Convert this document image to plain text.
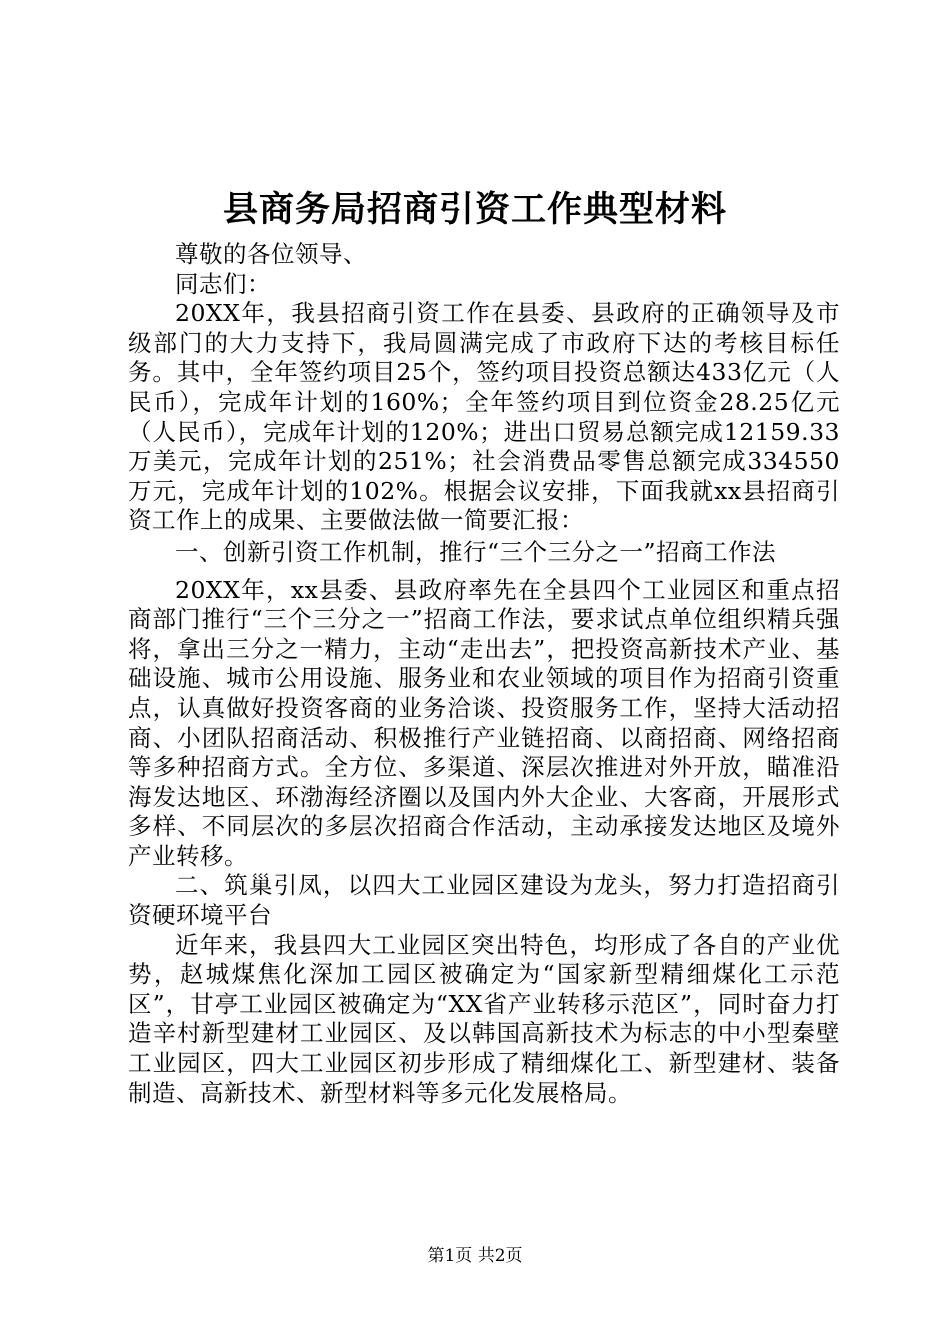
县商务局招商引资工作典型材料

尊敬的各位领导、

同志们：

20XX年，我县招商引资工作在县委、县政府的正确领导及市级部门的大力支持下，我局圆满完成了市政府下达的考核目标任务。其中，全年签约项目25个，签约项目投资总额达433亿元（人民币），完成年计划的160%；全年签约项目到位资金28.25亿元（人民币），完成年计划的120%；进出口贸易总额完成12159.33万美元，完成年计划的251%；社会消费品零售总额完成334550万元，完成年计划的102%。根据会议安排，下面我就xx县招商引资工作上的成果、主要做法做一简要汇报：

一、创新引资工作机制，推行“三个三分之一”招商工作法

20XX年，xx县委、县政府率先在全县四个工业园区和重点招商部门推行“三个三分之一”招商工作法，要求试点单位组织精兵强将，拿出三分之一精力，主动“走出去”，把投资高新技术产业、基础设施、城市公用设施、服务业和农业领域的项目作为招商引资重点，认真做好投资客商的业务洽谈、投资服务工作，坚持大活动招商、小团队招商活动、积极推行产业链招商、以商招商、网络招商等多种招商方式。全方位、多渠道、深层次推进对外开放，瞄准沿海发达地区、环渤海经济圈以及国内外大企业、大客商，开展形式多样、不同层次的多层次招商合作活动，主动承接发达地区及境外产业转移。

二、筑巢引凤，以四大工业园区建设为龙头，努力打造招商引资硬环境平台

近年来，我县四大工业园区突出特色，均形成了各自的产业优势，赵城煤焦化深加工园区被确定为“国家新型精细煤化工示范区”，甘亭工业园区被确定为“XX省产业转移示范区”，同时奋力打造辛村新型建材工业园区、及以韩国高新技术为标志的中小型秦壁工业园区，四大工业园区初步形成了精细煤化工、新型建材、装备制造、高新技术、新型材料等多元化发展格局。

第1页 共2页
